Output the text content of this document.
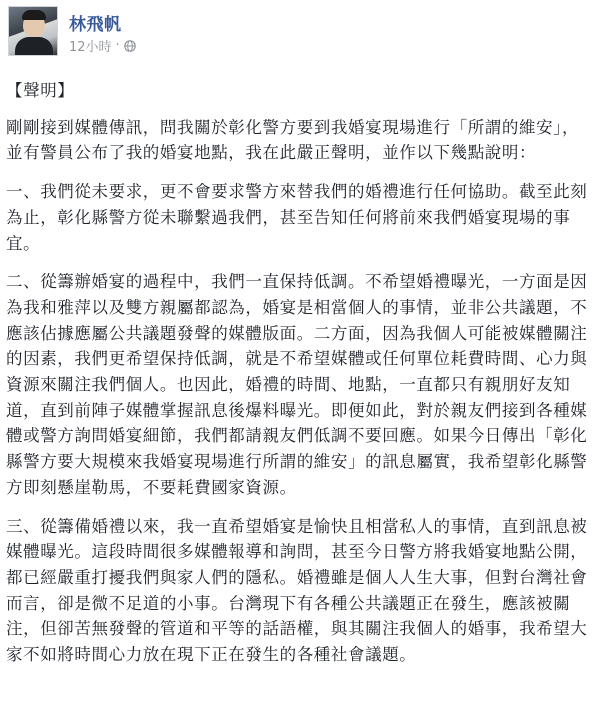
林飛帆
12小時 ·

【聲明】

剛剛接到媒體傳訊，問我關於彰化警方要到我婚宴現場進行「所謂的維安」，並有警員公布了我的婚宴地點，我在此嚴正聲明，並作以下幾點說明：

一、我們從未要求，更不會要求警方來替我們的婚禮進行任何協助。截至此刻為止，彰化縣警方從未聯繫過我們，甚至告知任何將前來我們婚宴現場的事宜。

二、從籌辦婚宴的過程中，我們一直保持低調。不希望婚禮曝光，一方面是因為我和雅萍以及雙方親屬都認為，婚宴是相當個人的事情，並非公共議題，不應該佔據應屬公共議題發聲的媒體版面。二方面，因為我個人可能被媒體關注的因素，我們更希望保持低調，就是不希望媒體或任何單位耗費時間、心力與資源來關注我們個人。也因此，婚禮的時間、地點，一直都只有親朋好友知道，直到前陣子媒體掌握訊息後爆料曝光。即便如此，對於親友們接到各種媒體或警方詢問婚宴細節，我們都請親友們低調不要回應。如果今日傳出「彰化縣警方要大規模來我婚宴現場進行所謂的維安」的訊息屬實，我希望彰化縣警方即刻懸崖勒馬，不要耗費國家資源。

三、從籌備婚禮以來，我一直希望婚宴是愉快且相當私人的事情，直到訊息被媒體曝光。這段時間很多媒體報導和詢問，甚至今日警方將我婚宴地點公開，都已經嚴重打擾我們與家人們的隱私。婚禮雖是個人人生大事，但對台灣社會而言，卻是微不足道的小事。台灣現下有各種公共議題正在發生，應該被關注，但卻苦無發聲的管道和平等的話語權，與其關注我個人的婚事，我希望大家不如將時間心力放在現下正在發生的各種社會議題。
